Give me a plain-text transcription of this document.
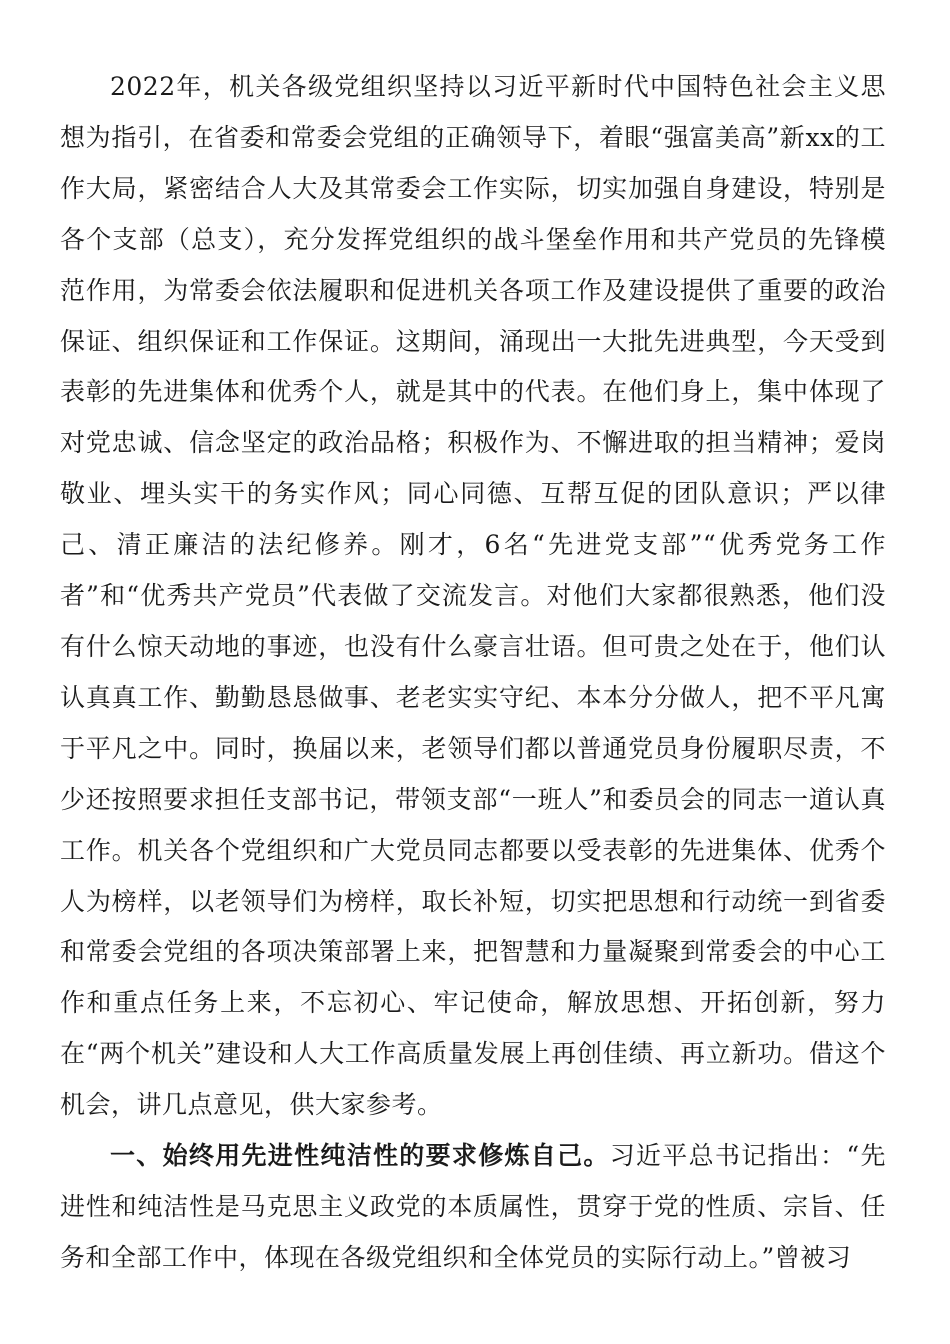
2022年，机关各级党组织坚持以习近平新时代中国特色社会主义思想为指引，在省委和常委会党组的正确领导下，着眼“强富美高”新xx的工作大局，紧密结合人大及其常委会工作实际，切实加强自身建设，特别是各个支部（总支），充分发挥党组织的战斗堡垒作用和共产党员的先锋模范作用，为常委会依法履职和促进机关各项工作及建设提供了重要的政治保证、组织保证和工作保证。这期间，涌现出一大批先进典型，今天受到表彰的先进集体和优秀个人，就是其中的代表。在他们身上，集中体现了对党忠诚、信念坚定的政治品格；积极作为、不懈进取的担当精神；爱岗敬业、埋头实干的务实作风；同心同德、互帮互促的团队意识；严以律己、清正廉洁的法纪修养。刚才，6名“先进党支部”“优秀党务工作者”和“优秀共产党员”代表做了交流发言。对他们大家都很熟悉，他们没有什么惊天动地的事迹，也没有什么豪言壮语。但可贵之处在于，他们认认真真工作、勤勤恳恳做事、老老实实守纪、本本分分做人，把不平凡寓于平凡之中。同时，换届以来，老领导们都以普通党员身份履职尽责，不少还按照要求担任支部书记，带领支部“一班人”和委员会的同志一道认真工作。机关各个党组织和广大党员同志都要以受表彰的先进集体、优秀个人为榜样，以老领导们为榜样，取长补短，切实把思想和行动统一到省委和常委会党组的各项决策部署上来，把智慧和力量凝聚到常委会的中心工作和重点任务上来，不忘初心、牢记使命，解放思想、开拓创新，努力在“两个机关”建设和人大工作高质量发展上再创佳绩、再立新功。借这个机会，讲几点意见，供大家参考。

一、始终用先进性纯洁性的要求修炼自己。习近平总书记指出：“先进性和纯洁性是马克思主义政党的本质属性，贯穿于党的性质、宗旨、任务和全部工作中，体现在各级党组织和全体党员的实际行动上。”曾被习
